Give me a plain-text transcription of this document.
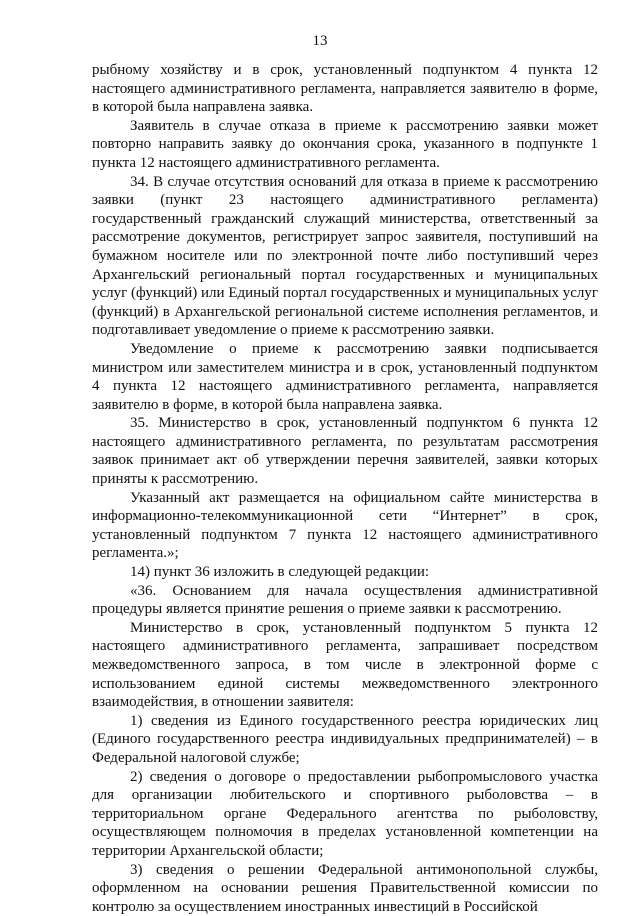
13

рыбному хозяйству и в срок, установленный подпунктом 4 пункта 12 настоящего административного регламента, направляется заявителю в форме, в которой была направлена заявка.

Заявитель в случае отказа в приеме к рассмотрению заявки может повторно направить заявку до окончания срока, указанного в подпункте 1 пункта 12 настоящего административного регламента.

34. В случае отсутствия оснований для отказа в приеме к рассмотрению заявки (пункт 23 настоящего административного регламента) государственный гражданский служащий министерства, ответственный за рассмотрение документов, регистрирует запрос заявителя, поступивший на бумажном носителе или по электронной почте либо поступивший через Архангельский региональный портал государственных и муниципальных услуг (функций) или Единый портал государственных и муниципальных услуг (функций) в Архангельской региональной системе исполнения регламентов, и подготавливает уведомление о приеме к рассмотрению заявки.

Уведомление о приеме к рассмотрению заявки подписывается министром или заместителем министра и в срок, установленный подпунктом 4 пункта 12 настоящего административного регламента, направляется заявителю в форме, в которой была направлена заявка.

35. Министерство в срок, установленный подпунктом 6 пункта 12 настоящего административного регламента, по результатам рассмотрения заявок принимает акт об утверждении перечня заявителей, заявки которых приняты к рассмотрению.

Указанный акт размещается на официальном сайте министерства в информационно-телекоммуникационной сети “Интернет” в срок, установленный подпунктом 7 пункта 12 настоящего административного регламента.»;

14) пункт 36 изложить в следующей редакции:

«36. Основанием для начала осуществления административной процедуры является принятие решения о приеме заявки к рассмотрению.

Министерство в срок, установленный подпунктом 5 пункта 12 настоящего административного регламента, запрашивает посредством межведомственного запроса, в том числе в электронной форме с использованием единой системы межведомственного электронного взаимодействия, в отношении заявителя:

1) сведения из Единого государственного реестра юридических лиц (Единого государственного реестра индивидуальных предпринимателей) – в Федеральной налоговой службе;

2) сведения о договоре о предоставлении рыбопромыслового участка для организации любительского и спортивного рыболовства – в территориальном органе Федерального агентства по рыболовству, осуществляющем полномочия в пределах установленной компетенции на территории Архангельской области;

3) сведения о решении Федеральной антимонопольной службы, оформленном на основании решения Правительственной комиссии по контролю за осуществлением иностранных инвестиций в Российской
